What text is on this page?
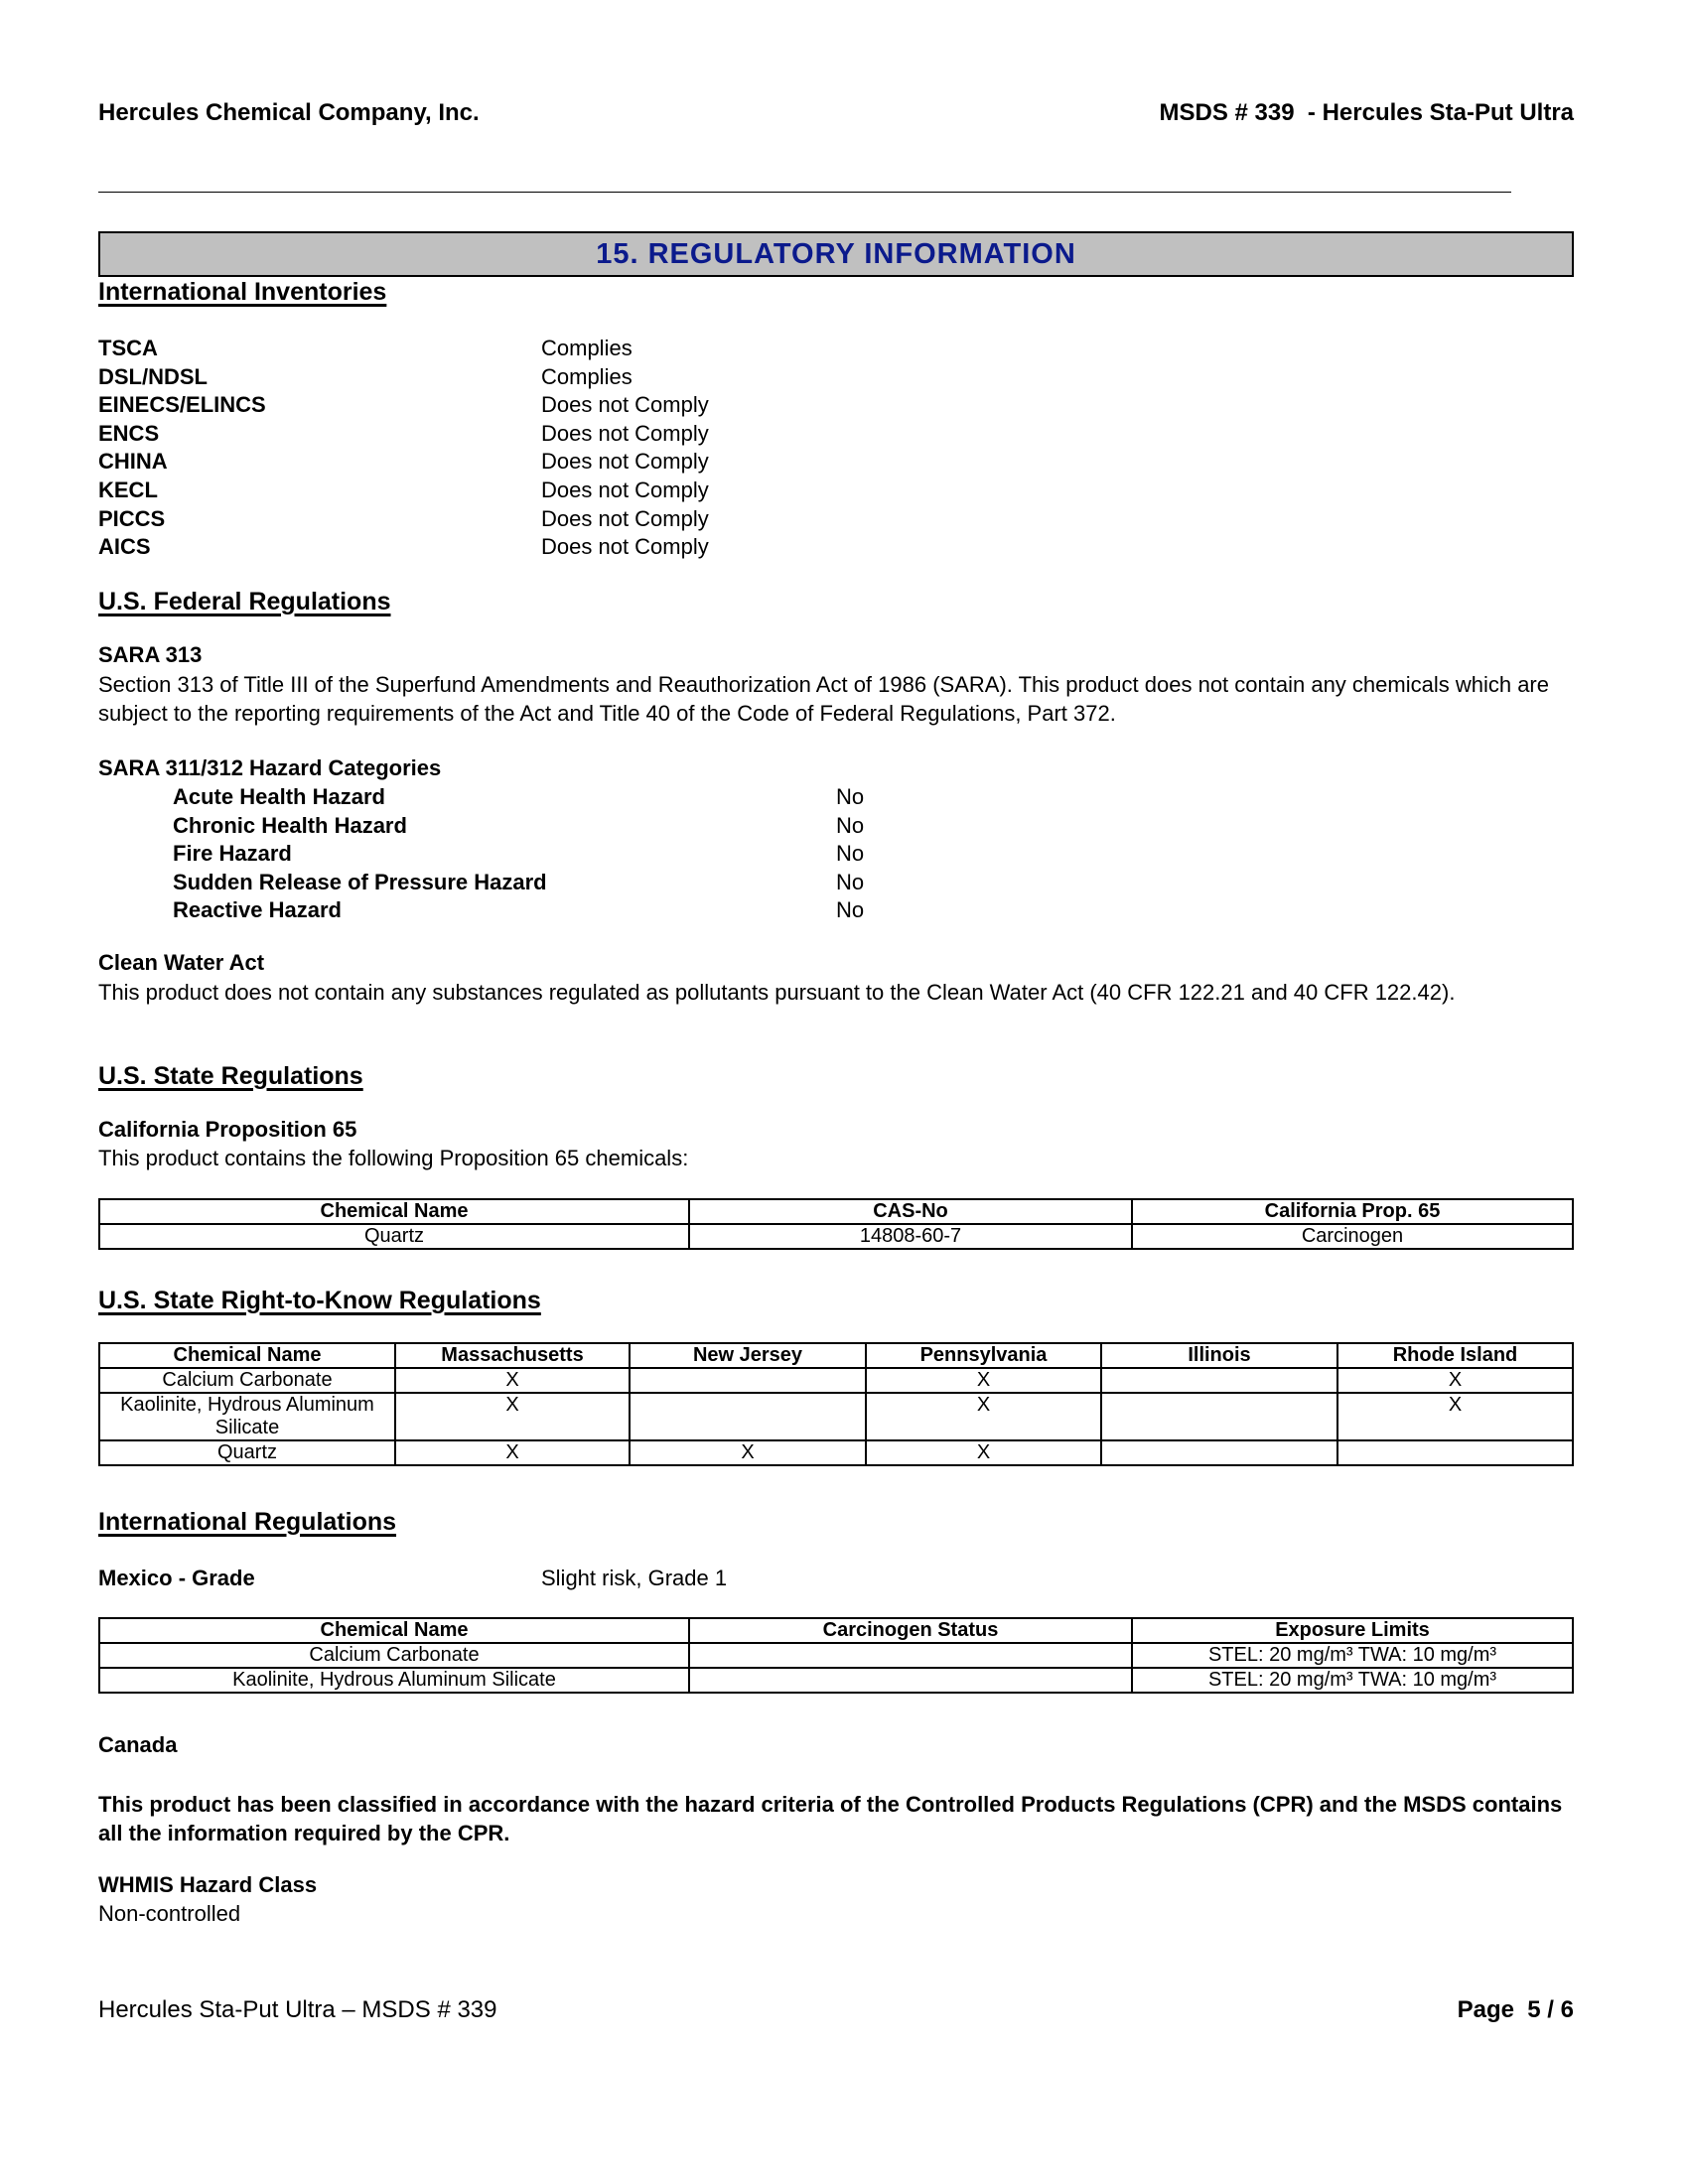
Hercules Chemical Company, Inc.	MSDS # 339  - Hercules Sta-Put Ultra
15. REGULATORY INFORMATION
International Inventories
TSCA	Complies
DSL/NDSL	Complies
EINECS/ELINCS	Does not Comply
ENCS	Does not Comply
CHINA	Does not Comply
KECL	Does not Comply
PICCS	Does not Comply
AICS	Does not Comply
U.S. Federal Regulations
SARA 313
Section 313 of Title III of the Superfund Amendments and Reauthorization Act of 1986 (SARA). This product does not contain any chemicals which are subject to the reporting requirements of the Act and Title 40 of the Code of Federal Regulations, Part 372.
SARA 311/312 Hazard Categories
Acute Health Hazard	No
Chronic Health Hazard	No
Fire Hazard	No
Sudden Release of Pressure Hazard	No
Reactive Hazard	No
Clean Water Act
This product does not contain any substances regulated as pollutants pursuant to the Clean Water Act (40 CFR 122.21 and 40 CFR 122.42).
U.S. State Regulations
California Proposition 65
This product contains the following Proposition 65 chemicals:
Chemical Name	CAS-No	California Prop. 65
Quartz	14808-60-7	Carcinogen
U.S. State Right-to-Know Regulations
Chemical Name	Massachusetts	New Jersey	Pennsylvania	Illinois	Rhode Island
Calcium Carbonate	X		X		X
Kaolinite, Hydrous Aluminum Silicate	X		X		X
Quartz	X	X	X		
International Regulations
Mexico - Grade	Slight risk, Grade 1
Chemical Name	Carcinogen Status	Exposure Limits
Calcium Carbonate		STEL: 20 mg/m³ TWA: 10 mg/m³
Kaolinite, Hydrous Aluminum Silicate		STEL: 20 mg/m³ TWA: 10 mg/m³
Canada
This product has been classified in accordance with the hazard criteria of the Controlled Products Regulations (CPR) and the MSDS contains all the information required by the CPR.
WHMIS Hazard Class
Non-controlled
Hercules Sta-Put Ultra – MSDS # 339	Page  5 / 6
